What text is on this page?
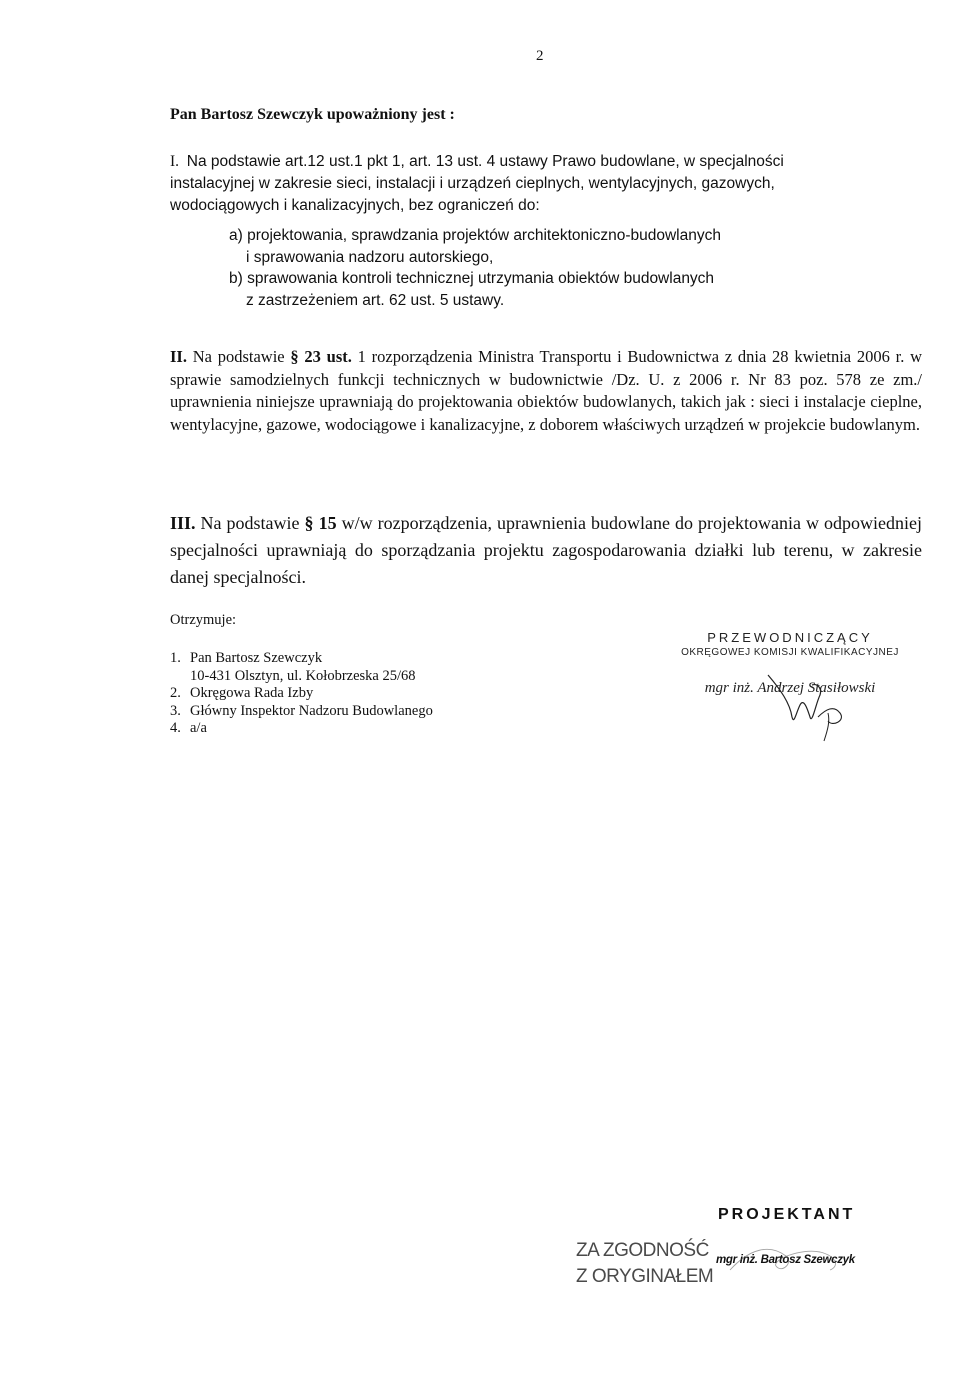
2
Pan Bartosz Szewczyk upoważniony jest :
I. Na podstawie art.12 ust.1 pkt 1, art. 13 ust. 4 ustawy Prawo budowlane, w specjalności
instalacyjnej w zakresie sieci, instalacji i urządzeń cieplnych, wentylacyjnych, gazowych,
wodociągowych i kanalizacyjnych, bez ograniczeń do:
a) projektowania, sprawdzania projektów architektoniczno-budowlanych
i sprawowania nadzoru autorskiego,
b) sprawowania kontroli technicznej utrzymania obiektów budowlanych
z zastrzeżeniem art. 62 ust. 5 ustawy.
II. Na podstawie § 23 ust. 1 rozporządzenia Ministra Transportu i Budownictwa z dnia 28 kwietnia 2006 r. w sprawie samodzielnych funkcji technicznych w budownictwie /Dz. U. z 2006 r. Nr 83 poz. 578 ze zm./ uprawnienia niniejsze uprawniają do projektowania obiektów budowlanych, takich jak : sieci i instalacje cieplne, wentylacyjne, gazowe, wodociągowe i kanalizacyjne, z doborem właściwych urządzeń w projekcie budowlanym.
III. Na podstawie § 15 w/w rozporządzenia, uprawnienia budowlane do projektowania w odpowiedniej specjalności uprawniają do sporządzania projektu zagospodarowania działki lub terenu, w zakresie danej specjalności.
Otrzymuje:
1. Pan Bartosz Szewczyk
10-431 Olsztyn, ul. Kołobrzeska 25/68
2. Okręgowa Rada Izby
3. Główny Inspektor Nadzoru Budowlanego
4. a/a
PRZEWODNICZĄCY
OKRĘGOWEJ KOMISJI KWALIFIKACYJNEJ
mgr inż. Andrzej Stasiłowski
PROJEKTANT
mgr inż. Bartosz Szewczyk
ZA ZGODNOŚĆ
Z ORYGINAŁEM
